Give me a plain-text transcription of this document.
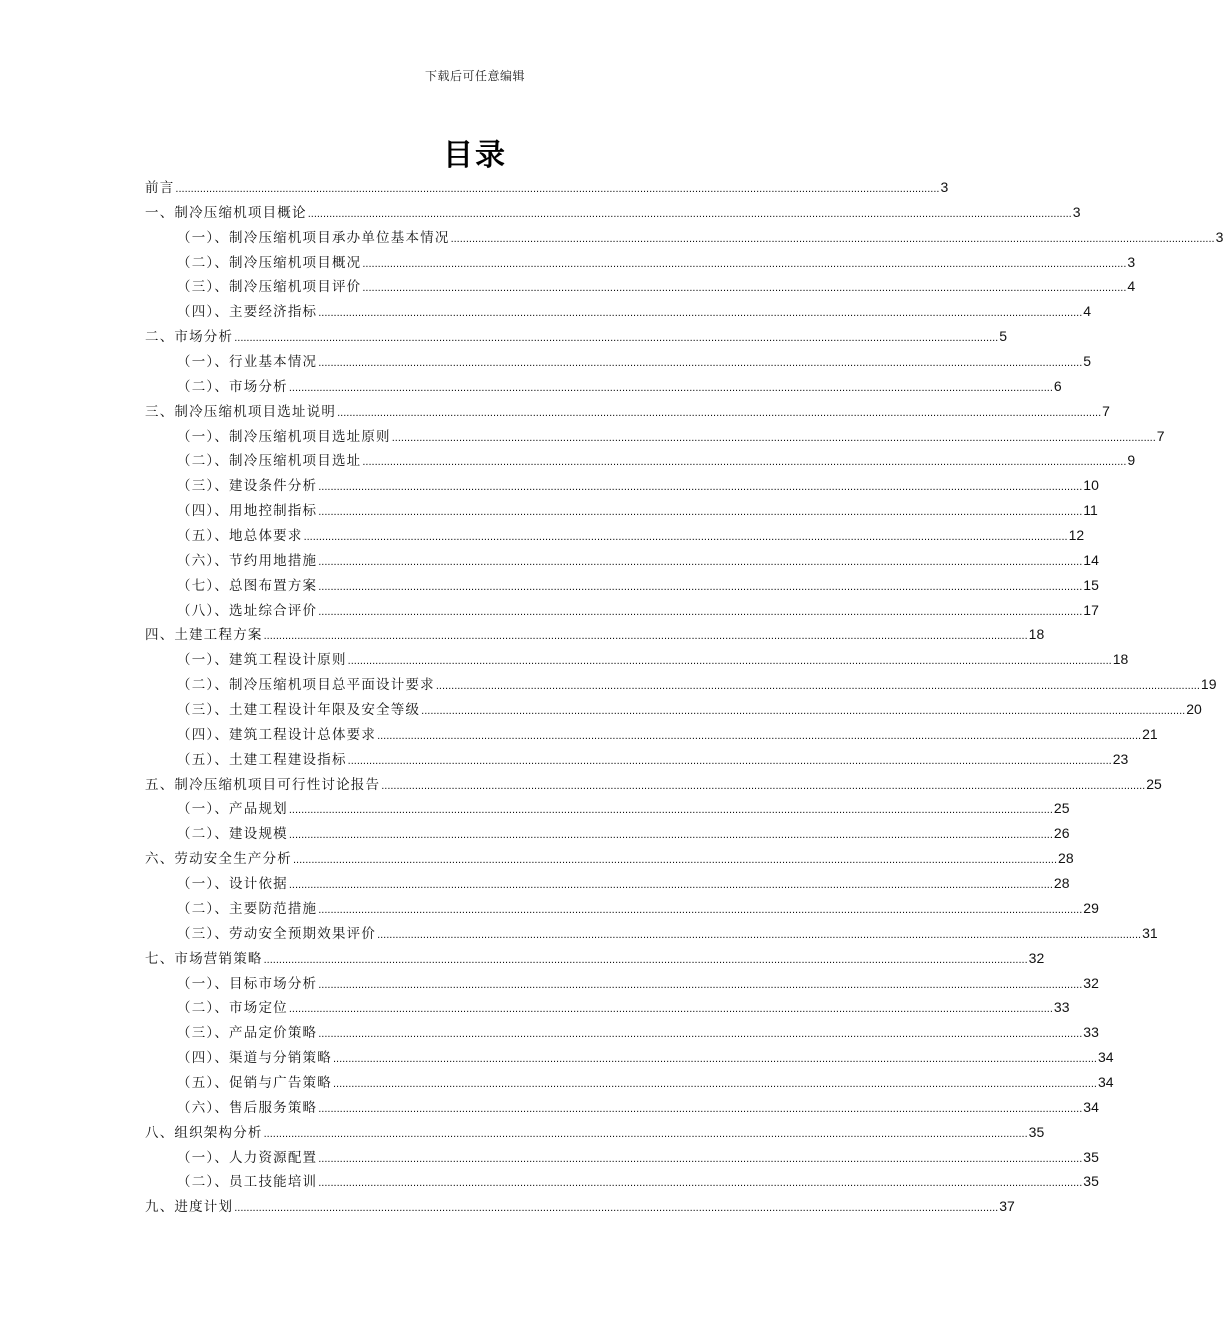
下载后可任意编辑
目录
前言 .......................................................................................................................................................................................................................................................... 3
一、制冷压缩机项目概论 .......................................................................................................................................................................................................................................................... 3
（一）、制冷压缩机项目承办单位基本情况 .......................................................................................................................................................................................................................................................... 3
（二）、制冷压缩机项目概况 .......................................................................................................................................................................................................................................................... 3
（三）、制冷压缩机项目评价 .......................................................................................................................................................................................................................................................... 4
（四）、主要经济指标 .......................................................................................................................................................................................................................................................... 4
二、市场分析 .......................................................................................................................................................................................................................................................... 5
（一）、行业基本情况 .......................................................................................................................................................................................................................................................... 5
（二）、市场分析 .......................................................................................................................................................................................................................................................... 6
三、制冷压缩机项目选址说明 .......................................................................................................................................................................................................................................................... 7
（一）、制冷压缩机项目选址原则 .......................................................................................................................................................................................................................................................... 7
（二）、制冷压缩机项目选址 .......................................................................................................................................................................................................................................................... 9
（三）、建设条件分析 .......................................................................................................................................................................................................................................................... 10
（四）、用地控制指标 .......................................................................................................................................................................................................................................................... 11
（五）、地总体要求 .......................................................................................................................................................................................................................................................... 12
（六）、节约用地措施 .......................................................................................................................................................................................................................................................... 14
（七）、总图布置方案 .......................................................................................................................................................................................................................................................... 15
（八）、选址综合评价 .......................................................................................................................................................................................................................................................... 17
四、土建工程方案 .......................................................................................................................................................................................................................................................... 18
（一）、建筑工程设计原则 .......................................................................................................................................................................................................................................................... 18
（二）、制冷压缩机项目总平面设计要求 .......................................................................................................................................................................................................................................................... 19
（三）、土建工程设计年限及安全等级 .......................................................................................................................................................................................................................................................... 20
（四）、建筑工程设计总体要求 .......................................................................................................................................................................................................................................................... 21
（五）、土建工程建设指标 .......................................................................................................................................................................................................................................................... 23
五、制冷压缩机项目可行性讨论报告 .......................................................................................................................................................................................................................................................... 25
（一）、产品规划 .......................................................................................................................................................................................................................................................... 25
（二）、建设规模 .......................................................................................................................................................................................................................................................... 26
六、劳动安全生产分析 .......................................................................................................................................................................................................................................................... 28
（一）、设计依据 .......................................................................................................................................................................................................................................................... 28
（二）、主要防范措施 .......................................................................................................................................................................................................................................................... 29
（三）、劳动安全预期效果评价 .......................................................................................................................................................................................................................................................... 31
七、市场营销策略 .......................................................................................................................................................................................................................................................... 32
（一）、目标市场分析 .......................................................................................................................................................................................................................................................... 32
（二）、市场定位 .......................................................................................................................................................................................................................................................... 33
（三）、产品定价策略 .......................................................................................................................................................................................................................................................... 33
（四）、渠道与分销策略 .......................................................................................................................................................................................................................................................... 34
（五）、促销与广告策略 .......................................................................................................................................................................................................................................................... 34
（六）、售后服务策略 .......................................................................................................................................................................................................................................................... 34
八、组织架构分析 .......................................................................................................................................................................................................................................................... 35
（一）、人力资源配置 .......................................................................................................................................................................................................................................................... 35
（二）、员工技能培训 .......................................................................................................................................................................................................................................................... 35
九、进度计划 .......................................................................................................................................................................................................................................................... 37
